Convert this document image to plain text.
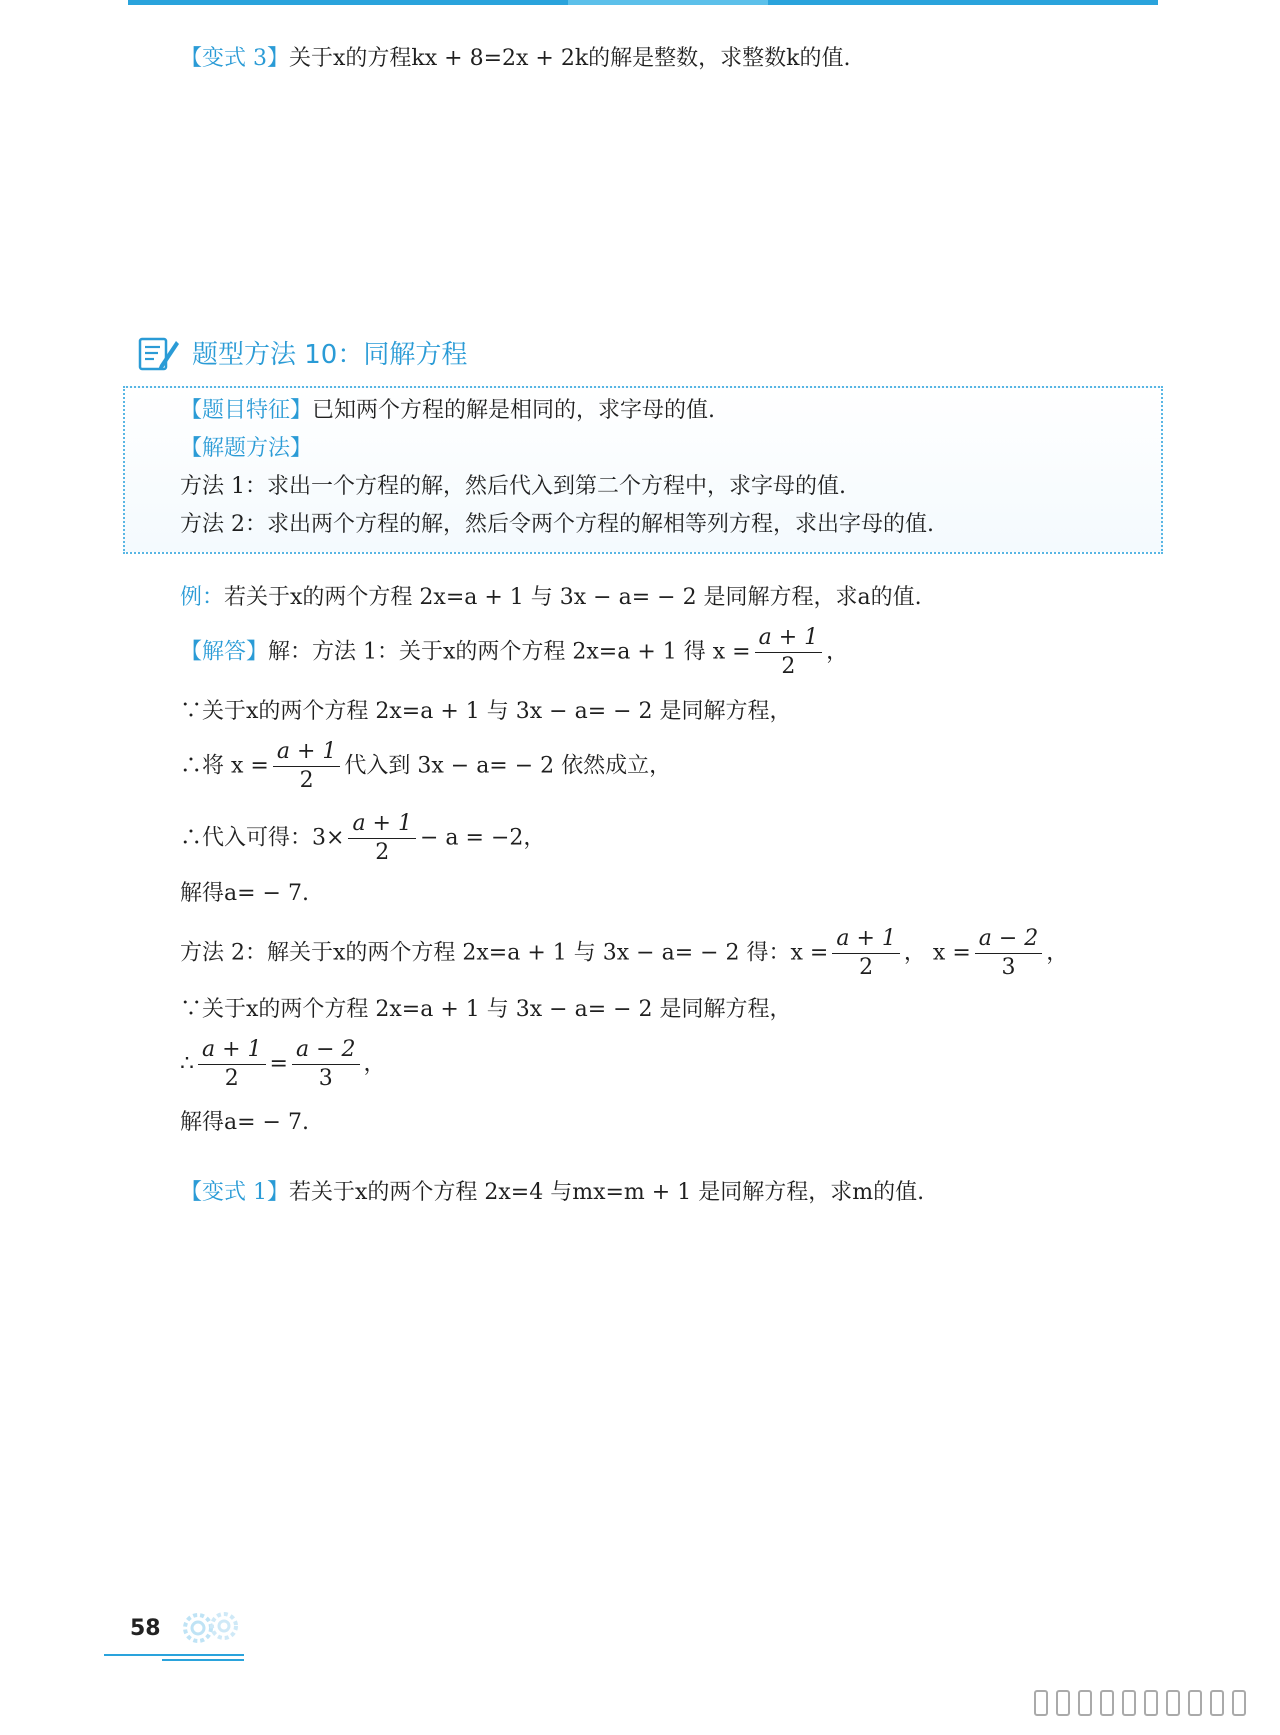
【变式 3】关于x的方程kx + 8=2x + 2k的解是整数，求整数k的值.
题型方法 10：同解方程
【题目特征】已知两个方程的解是相同的，求字母的值.
【解题方法】
方法 1：求出一个方程的解，然后代入到第二个方程中，求字母的值.
方法 2：求出两个方程的解，然后令两个方程的解相等列方程，求出字母的值.
例：若关于x的两个方程 2x=a + 1 与 3x − a= − 2 是同解方程，求a的值.
【解答】解：方法 1：关于x的两个方程 2x=a + 1 得 $x = \frac{a + 1}{2}$ ，
∵关于x的两个方程 2x=a + 1 与 3x − a= − 2 是同解方程，
∴将 $x = \frac{a + 1}{2}$ 代入到 3x − a= − 2 依然成立，
∴代入可得：$3\times \frac{a + 1}{2} - a = -2$，
解得a= − 7.
方法 2：解关于x的两个方程 2x=a + 1 与 3x − a= − 2 得：$x = \frac{a + 1}{2}$ ， $x = \frac{a - 2}{3}$ ，
∵关于x的两个方程 2x=a + 1 与 3x − a= − 2 是同解方程，
∴ $\frac{a + 1}{2} = \frac{a - 2}{3}$ ，
解得a= − 7.
【变式 1】若关于x的两个方程 2x=4 与mx=m + 1 是同解方程，求m的值.
58
